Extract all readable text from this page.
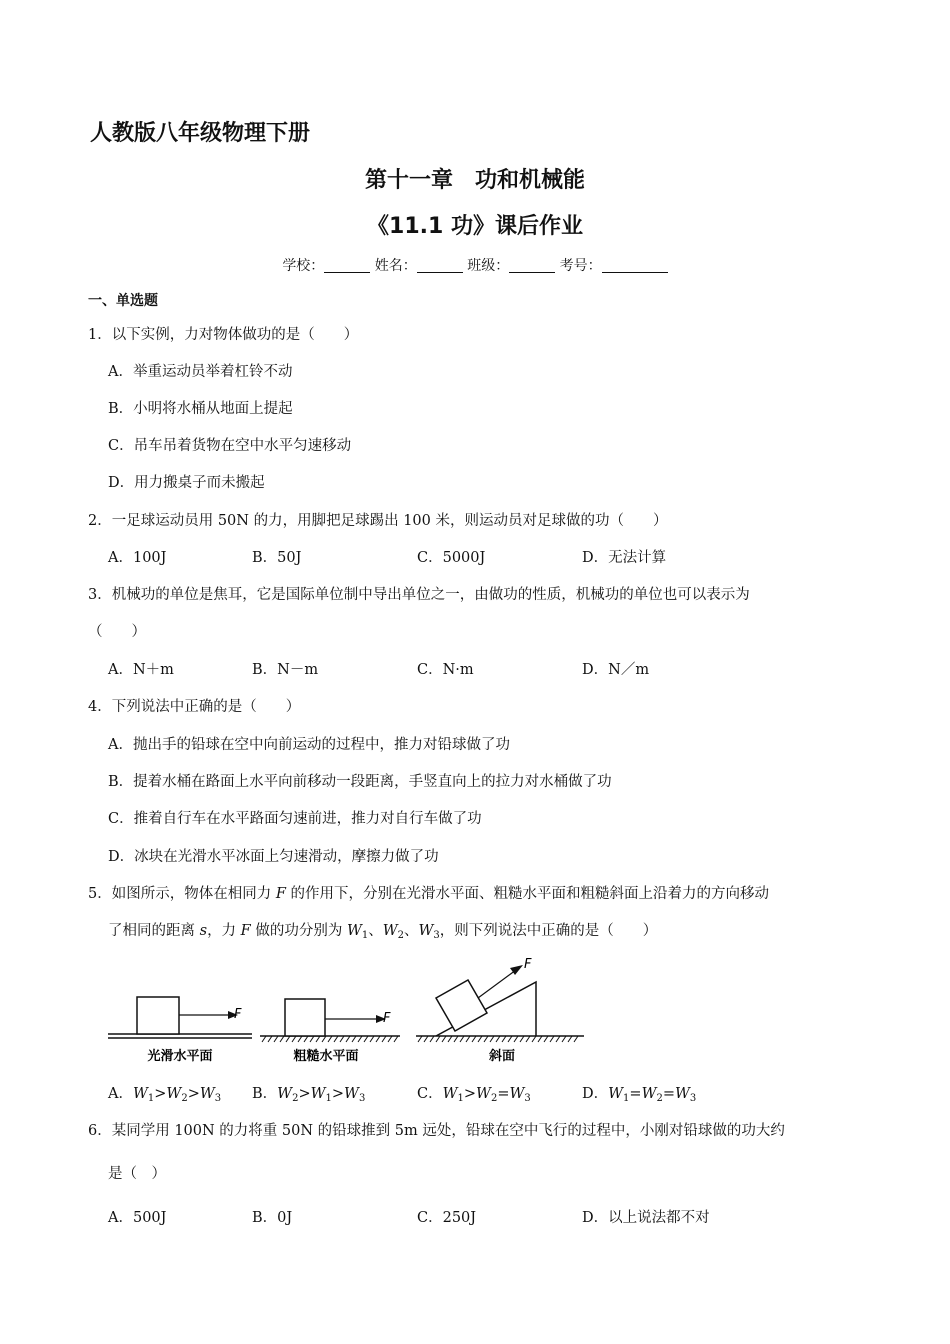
人教版八年级物理下册
第十一章　功和机械能
《11.1 功》课后作业
学校：	姓名：	班级：	考号：
一、单选题
1．以下实例，力对物体做功的是（　　）
A．举重运动员举着杠铃不动
B．小明将水桶从地面上提起
C．吊车吊着货物在空中水平匀速移动
D．用力搬桌子而未搬起
2．一足球运动员用 50N 的力，用脚把足球踢出 100 米，则运动员对足球做的功（　　）
A．100J	B．50J	C．5000J	D．无法计算
3．机械功的单位是焦耳，它是国际单位制中导出单位之一，由做功的性质，机械功的单位也可以表示为
（　　）
A．N＋m	B．N－m	C．N·m	D．N／m
4．下列说法中正确的是（　　）
A．抛出手的铅球在空中向前运动的过程中，推力对铅球做了功
B．提着水桶在路面上水平向前移动一段距离，手竖直向上的拉力对水桶做了功
C．推着自行车在水平路面匀速前进，推力对自行车做了功
D．冰块在光滑水平冰面上匀速滑动，摩擦力做了功
5．如图所示，物体在相同力 F 的作用下，分别在光滑水平面、粗糙水平面和粗糙斜面上沿着力的方向移动
了相同的距离 s，力 F 做的功分别为 $W_1$、$W_2$、$W_3$，则下列说法中正确的是（　　）
F
光滑水平面
F
粗糙水平面
F
斜面
A．$W_1>W_2>W_3$ B．$W_2>W_1>W_3$	C．$W_1>W_2=W_3$	D．$W_1=W_2=W_3$
6．某同学用 100N 的力将重 50N 的铅球推到 5m 远处，铅球在空中飞行的过程中，小刚对铅球做的功大约
是（　）
A．500J	B．0J	C．250J	D．以上说法都不对
